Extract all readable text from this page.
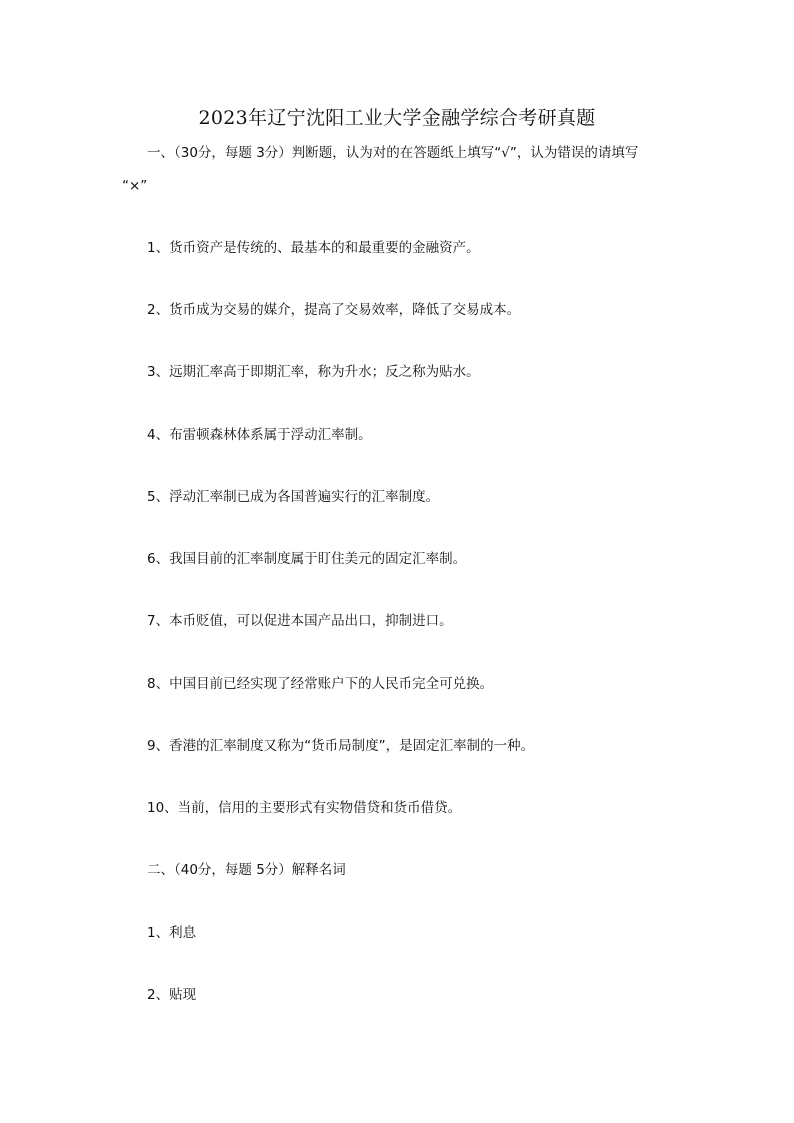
2023年辽宁沈阳工业大学金融学综合考研真题
一、（30分，每题 3分）判断题，认为对的在答题纸上填写“√”，认为错误的请填写
“×”
1、货币资产是传统的、最基本的和最重要的金融资产。
2、货币成为交易的媒介，提高了交易效率，降低了交易成本。
3、远期汇率高于即期汇率，称为升水；反之称为贴水。
4、布雷顿森林体系属于浮动汇率制。
5、浮动汇率制已成为各国普遍实行的汇率制度。
6、我国目前的汇率制度属于盯住美元的固定汇率制。
7、本币贬值，可以促进本国产品出口，抑制进口。
8、中国目前已经实现了经常账户下的人民币完全可兑换。
9、香港的汇率制度又称为“货币局制度”，是固定汇率制的一种。
10、当前，信用的主要形式有实物借贷和货币借贷。
二、（40分，每题 5分）解释名词
1、利息
2、贴现
